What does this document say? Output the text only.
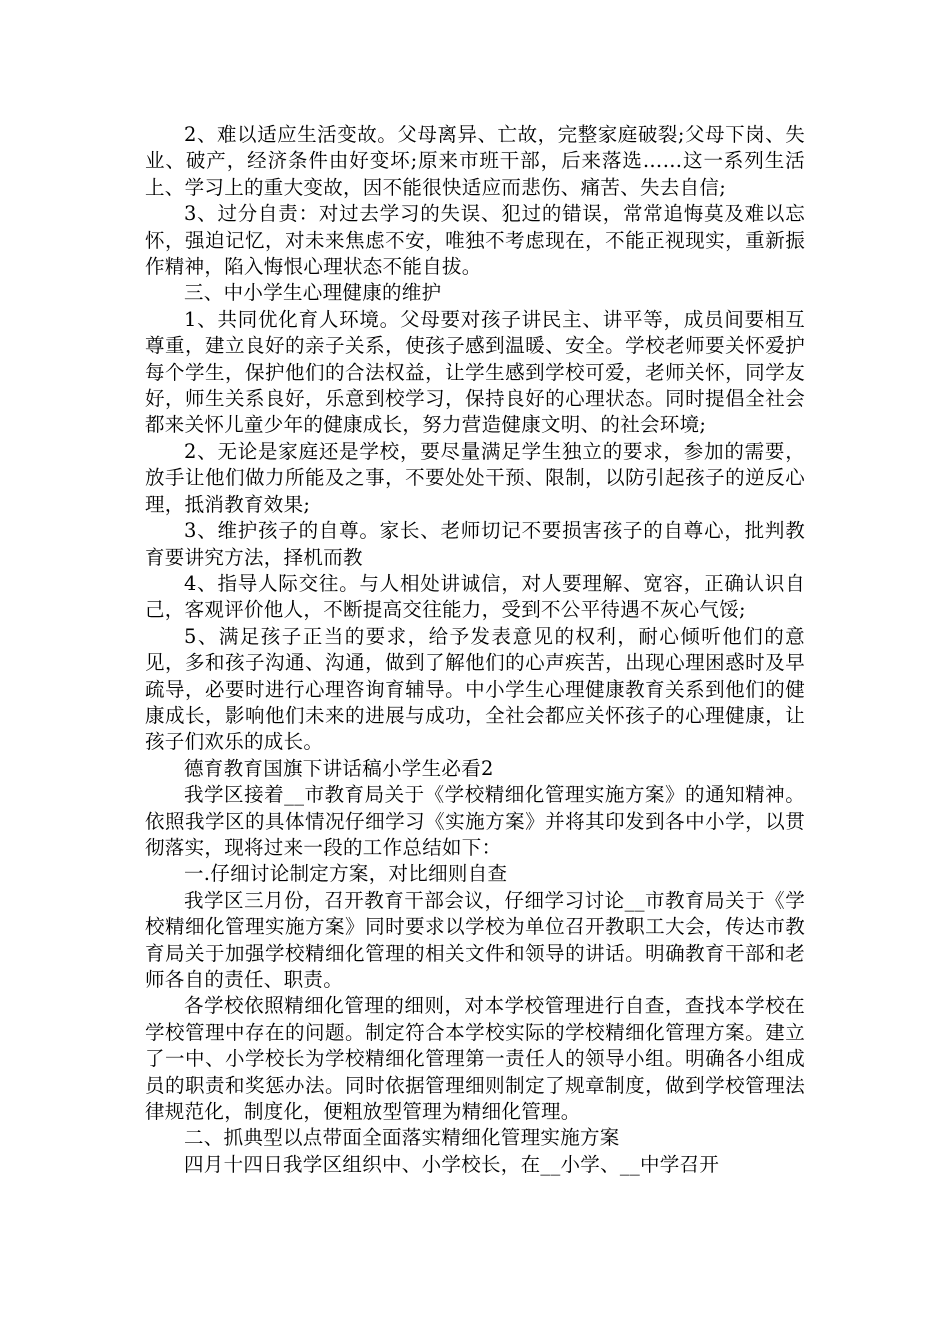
2、难以适应生活变故。父母离异、亡故，完整家庭破裂;父母下岗、失业、破产，经济条件由好变坏;原来市班干部，后来落选……这一系列生活上、学习上的重大变故，因不能很快适应而悲伤、痛苦、失去自信;

3、过分自责：对过去学习的失误、犯过的错误，常常追悔莫及难以忘怀，强迫记忆，对未来焦虑不安，唯独不考虑现在，不能正视现实，重新振作精神，陷入悔恨心理状态不能自拔。

三、中小学生心理健康的维护

1、共同优化育人环境。父母要对孩子讲民主、讲平等，成员间要相互尊重，建立良好的亲子关系，使孩子感到温暖、安全。学校老师要关怀爱护每个学生，保护他们的合法权益，让学生感到学校可爱，老师关怀，同学友好，师生关系良好，乐意到校学习，保持良好的心理状态。同时提倡全社会都来关怀儿童少年的健康成长，努力营造健康文明、的社会环境;

2、无论是家庭还是学校，要尽量满足学生独立的要求，参加的需要，放手让他们做力所能及之事，不要处处干预、限制，以防引起孩子的逆反心理，抵消教育效果;

3、维护孩子的自尊。家长、老师切记不要损害孩子的自尊心，批判教育要讲究方法，择机而教

4、指导人际交往。与人相处讲诚信，对人要理解、宽容，正确认识自己，客观评价他人，不断提高交往能力，受到不公平待遇不灰心气馁;

5、满足孩子正当的要求，给予发表意见的权利，耐心倾听他们的意见，多和孩子沟通、沟通，做到了解他们的心声疾苦，出现心理困惑时及早疏导，必要时进行心理咨询育辅导。中小学生心理健康教育关系到他们的健康成长，影响他们未来的进展与成功，全社会都应关怀孩子的心理健康，让孩子们欢乐的成长。

德育教育国旗下讲话稿小学生必看2

我学区接着__市教育局关于《学校精细化管理实施方案》的通知精神。依照我学区的具体情况仔细学习《实施方案》并将其印发到各中小学，以贯彻落实，现将过来一段的工作总结如下：

一.仔细讨论制定方案，对比细则自查

我学区三月份，召开教育干部会议，仔细学习讨论__市教育局关于《学校精细化管理实施方案》同时要求以学校为单位召开教职工大会，传达市教育局关于加强学校精细化管理的相关文件和领导的讲话。明确教育干部和老师各自的责任、职责。

各学校依照精细化管理的细则，对本学校管理进行自查，查找本学校在学校管理中存在的问题。制定符合本学校实际的学校精细化管理方案。建立了一中、小学校长为学校精细化管理第一责任人的领导小组。明确各小组成员的职责和奖惩办法。同时依据管理细则制定了规章制度，做到学校管理法律规范化，制度化，便粗放型管理为精细化管理。

二、抓典型以点带面全面落实精细化管理实施方案

四月十四日我学区组织中、小学校长，在__小学、__中学召开
